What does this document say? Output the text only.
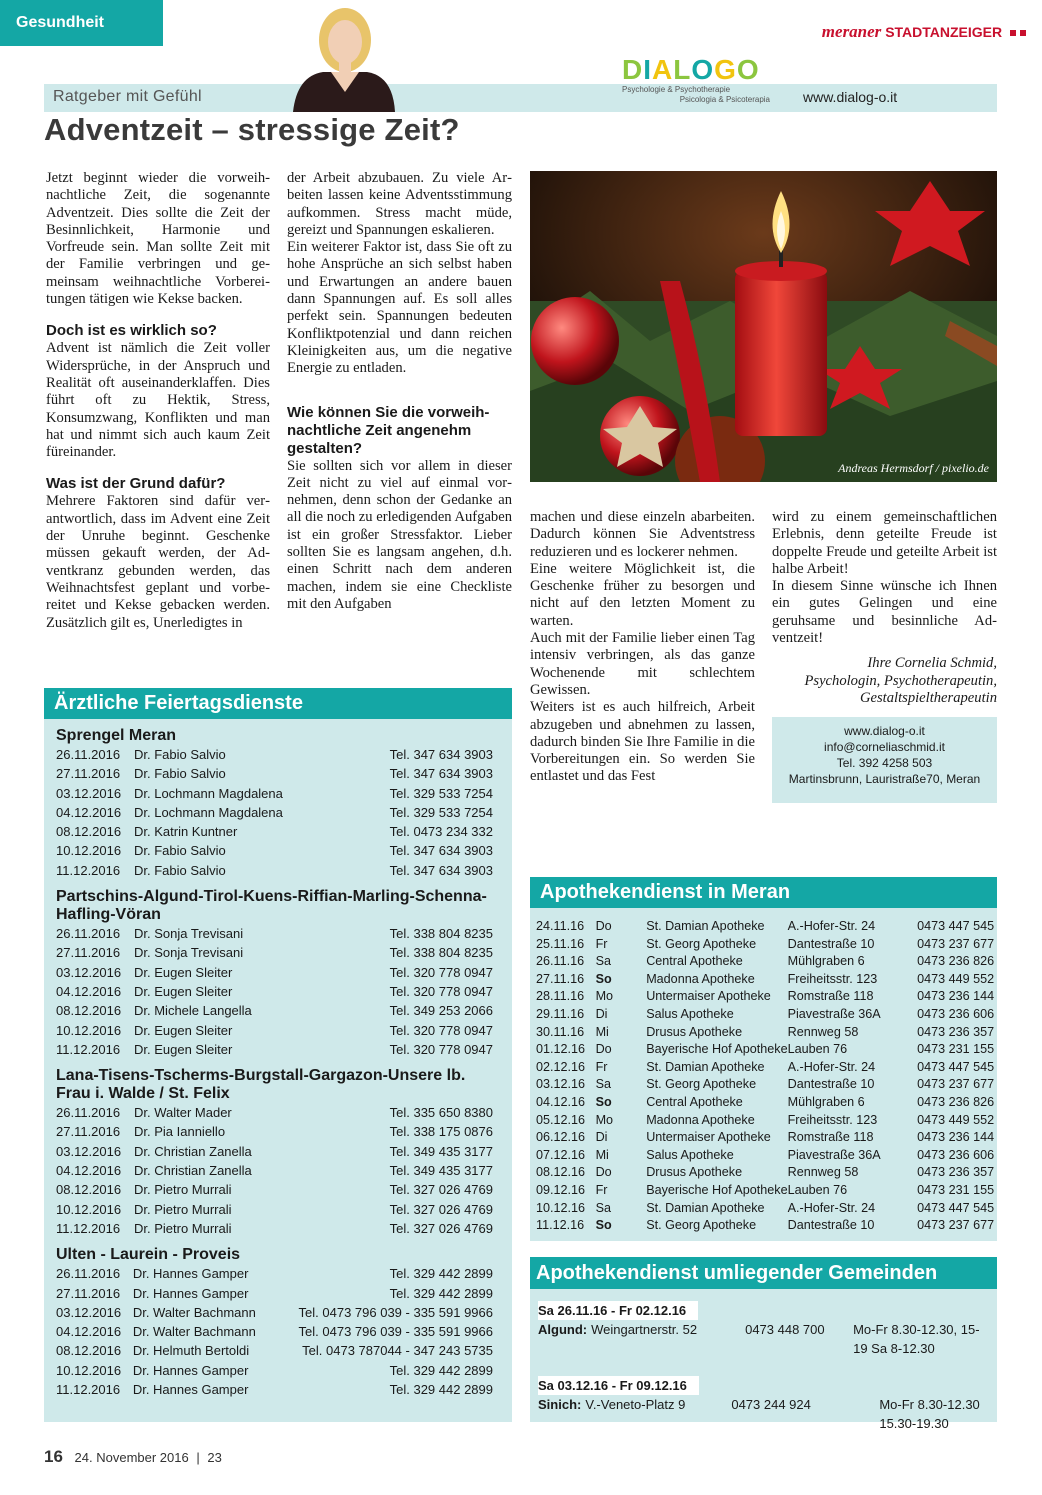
Gesundheit	meraner STADTANZEIGER
Ratgeber mit Gefühl
DIALOGO
Psychologie & Psychotherapie
Psicologia & Psicoterapia www.dialog-o.it
Adventzeit – stressige Zeit?

Jetzt beginnt wieder die vorweihnachtliche Zeit, die sogenannte Adventzeit. Dies sollte die Zeit der Besinnlichkeit, Harmonie und Vorfreude sein. Man sollte Zeit mit der Familie verbringen und gemeinsam weihnachtliche Vorbereitungen tätigen wie Kekse backen.

Doch ist es wirklich so?

Advent ist nämlich die Zeit voller Widersprüche, in der Anspruch und Realität oft auseinanderklaffen. Dies führt oft zu Hektik, Stress, Konsumzwang, Konflikten und man hat und nimmt sich auch kaum Zeit füreinander.

Was ist der Grund dafür?

Mehrere Faktoren sind dafür verantwortlich, dass im Advent eine Zeit der Unruhe beginnt. Geschenke müssen gekauft werden, der Adventkranz gebunden werden, das Weihnachtsfest geplant und vorbereitet und Kekse gebacken werden. Zusätzlich gilt es, Unerledigtes in

der Arbeit abzubauen. Zu viele Arbeiten lassen keine Adventsstimmung aufkommen. Stress macht müde, gereizt und Spannungen eskalieren.

Ein weiterer Faktor ist, dass Sie oft zu hohe Ansprüche an sich selbst haben und Erwartungen an andere bauen dann Spannungen auf. Es soll alles perfekt sein. Spannungen bedeuten Konfliktpotenzial und dann reichen Kleinigkeiten aus, um die negative Energie zu entladen.

Wie können Sie die vorweihnachtliche Zeit angenehm gestalten?

Sie sollten sich vor allem in dieser Zeit nicht zu viel auf einmal vornehmen, denn schon der Gedanke an all die noch zu erledigenden Aufgaben ist ein großer Stressfaktor. Lieber sollten Sie es langsam angehen, d.h. einen Schritt nach dem anderen machen, indem sie eine Checkliste mit den Aufgaben

Andreas Hermsdorf / pixelio.de

machen und diese einzeln abarbeiten. Dadurch können Sie Adventstress reduzieren und es lockerer nehmen.

Eine weitere Möglichkeit ist, die Geschenke früher zu besorgen und nicht auf den letzten Moment zu warten.

Auch mit der Familie lieber einen Tag intensiv verbringen, als das ganze Wochenende mit schlechtem Gewissen.

Weiters ist es auch hilfreich, Arbeit abzugeben und abnehmen zu lassen, dadurch binden Sie Ihre Familie in die Vorbereitungen ein. So werden Sie entlastet und das Fest

wird zu einem gemeinschaftlichen Erlebnis, denn geteilte Freude ist doppelte Freude und geteilte Arbeit ist halbe Arbeit!

In diesem Sinne wünsche ich Ihnen ein gutes Gelingen und eine geruhsame und besinnliche Adventzeit!

Ihre Cornelia Schmid,

Psychologin, Psychotherapeutin,

Gestaltspieltherapeutin

www.dialog-o.it
info@corneliaschmid.it
Tel. 392 4258 503
Martinsbrunn, Lauristraße70, Meran
Ärztliche Feiertagsdienste
Sprengel Meran
26.11.2016	Dr. Fabio Salvio	Tel. 347 634 3903
27.11.2016	Dr. Fabio Salvio	Tel. 347 634 3903
03.12.2016	Dr. Lochmann Magdalena	Tel. 329 533 7254
04.12.2016	Dr. Lochmann Magdalena	Tel. 329 533 7254
08.12.2016	Dr. Katrin Kuntner	Tel. 0473 234 332
10.12.2016	Dr. Fabio Salvio	Tel. 347 634 3903
11.12.2016	Dr. Fabio Salvio	Tel. 347 634 3903
Partschins-Algund-Tirol-Kuens-Riffian-Marling-Schenna-Hafling-Vöran
26.11.2016	Dr. Sonja Trevisani	Tel. 338 804 8235
27.11.2016	Dr. Sonja Trevisani	Tel. 338 804 8235
03.12.2016	Dr. Eugen Sleiter	Tel. 320 778 0947
04.12.2016	Dr. Eugen Sleiter	Tel. 320 778 0947
08.12.2016	Dr. Michele Langella	Tel. 349 253 2066
10.12.2016	Dr. Eugen Sleiter	Tel. 320 778 0947
11.12.2016	Dr. Eugen Sleiter	Tel. 320 778 0947
Lana-Tisens-Tscherms-Burgstall-Gargazon-Unsere lb. Frau i. Walde / St. Felix
26.11.2016	Dr. Walter Mader	Tel. 335 650 8380
27.11.2016	Dr. Pia Ianniello	Tel. 338 175 0876
03.12.2016	Dr. Christian Zanella	Tel. 349 435 3177
04.12.2016	Dr. Christian Zanella	Tel. 349 435 3177
08.12.2016	Dr. Pietro Murrali	Tel. 327 026 4769
10.12.2016	Dr. Pietro Murrali	Tel. 327 026 4769
11.12.2016	Dr. Pietro Murrali	Tel. 327 026 4769
Ulten - Laurein - Proveis
26.11.2016	Dr. Hannes Gamper	Tel. 329 442 2899
27.11.2016	Dr. Hannes Gamper	Tel. 329 442 2899
03.12.2016	Dr. Walter Bachmann	Tel. 0473 796 039 - 335 591 9966
04.12.2016	Dr. Walter Bachmann	Tel. 0473 796 039 - 335 591 9966
08.12.2016	Dr. Helmuth Bertoldi	Tel. 0473 787044 - 347 243 5735
10.12.2016	Dr. Hannes Gamper	Tel. 329 442 2899
11.12.2016	Dr. Hannes Gamper	Tel. 329 442 2899
Apothekendienst in Meran
24.11.16	Do	St. Damian Apotheke	A.-Hofer-Str. 24	0473 447 545
25.11.16	Fr	St. Georg Apotheke	Dantestraße 10	0473 237 677
26.11.16	Sa	Central Apotheke	Mühlgraben 6	0473 236 826
27.11.16	So	Madonna Apotheke	Freiheitsstr. 123	0473 449 552
28.11.16	Mo	Untermaiser Apotheke	Romstraße 118	0473 236 144
29.11.16	Di	Salus Apotheke	Piavestraße 36A	0473 236 606
30.11.16	Mi	Drusus Apotheke	Rennweg 58	0473 236 357
01.12.16	Do	Bayerische Hof Apotheke	Lauben 76	0473 231 155
02.12.16	Fr	St. Damian Apotheke	A.-Hofer-Str. 24	0473 447 545
03.12.16	Sa	St. Georg Apotheke	Dantestraße 10	0473 237 677
04.12.16	So	Central Apotheke	Mühlgraben 6	0473 236 826
05.12.16	Mo	Madonna Apotheke	Freiheitsstr. 123	0473 449 552
06.12.16	Di	Untermaiser Apotheke	Romstraße 118	0473 236 144
07.12.16	Mi	Salus Apotheke	Piavestraße 36A	0473 236 606
08.12.16	Do	Drusus Apotheke	Rennweg 58	0473 236 357
09.12.16	Fr	Bayerische Hof Apotheke	Lauben 76	0473 231 155
10.12.16	Sa	St. Damian Apotheke	A.-Hofer-Str. 24	0473 447 545
11.12.16	So	St. Georg Apotheke	Dantestraße 10	0473 237 677
Apothekendienst umliegender Gemeinden
Sa 26.11.16 - Fr 02.12.16
Algund: Weingartnerstr. 52	0473 448 700	Mo-Fr 8.30-12.30, 15-19 Sa 8-12.30
Sa 03.12.16 - Fr 09.12.16
Sinich: V.-Veneto-Platz 9	0473 244 924	Mo-Fr 8.30-12.30 15.30-19.30
16 24. November 2016 | 23
